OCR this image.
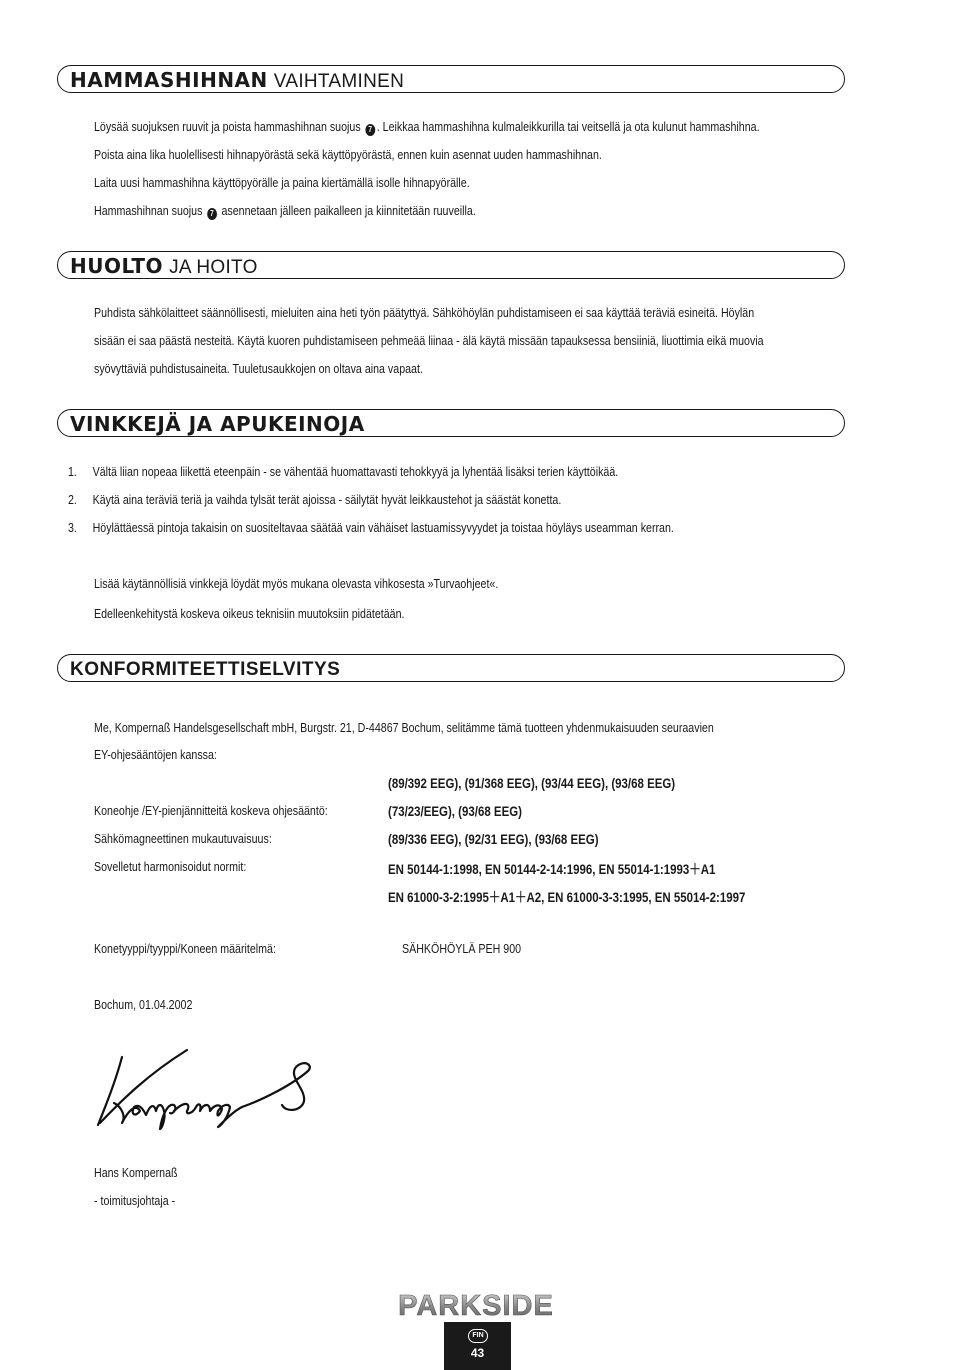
HAMMASHIHNAN VAIHTAMINEN
Löysää suojuksen ruuvit ja poista hammashihnan suojus 7 . Leikkaa hammashihna kulmaleikkurilla tai veitsellä ja ota kulunut hammashihna.
Poista aina lika huolellisesti hihnapyörästä sekä käyttöpyörästä, ennen kuin asennat uuden hammashihnan.
Laita uusi hammashihna käyttöpyörälle ja paina kiertämällä isolle hihnapyörälle.
Hammashihnan suojus 7 asennetaan jälleen paikalleen ja kiinnitetään ruuveilla.
HUOLTO JA HOITO
Puhdista sähkölaitteet säännöllisesti, mieluiten aina heti työn päätyttyä. Sähköhöylän puhdistamiseen ei saa käyttää teräviä esineitä. Höylän
sisään ei saa päästä nesteitä. Käytä kuoren puhdistamiseen pehmeää liinaa - älä käytä missään tapauksessa bensiiniä, liuottimia eikä muovia
syövyttäviä puhdistusaineita. Tuuletusaukkojen on oltava aina vapaat.
VINKKEJÄ JA APUKEINOJA
1. Vältä liian nopeaa liikettä eteenpäin - se vähentää huomattavasti tehokkyyä ja lyhentää lisäksi terien käyttöikää.
2. Käytä aina teräviä teriä ja vaihda tylsät terät ajoissa - säilytät hyvät leikkaustehot ja säästät konetta.
3. Höylättäessä pintoja takaisin on suositeltavaa säätää vain vähäiset lastuamissyvyydet ja toistaa höyläys useamman kerran.
Lisää käytännöllisiä vinkkejä löydät myös mukana olevasta vihkosesta »Turvaohjeet«.
Edelleenkehitystä koskeva oikeus teknisiin muutoksiin pidätetään.
KONFORMITEETTISELVITYS
Me, Kompernaß Handelsgesellschaft mbH, Burgstr. 21, D-44867 Bochum, selitämme tämä tuotteen yhdenmukaisuuden seuraavien
EY-ohjesääntöjen kanssa:
(89/392 EEG), (91/368 EEG), (93/44 EEG), (93/68 EEG)
Koneohje /EY-pienjännitteitä koskeva ohjesääntö:	(73/23/EEG), (93/68 EEG)
Sähkömagneettinen mukautuvaisuus:	(89/336 EEG), (92/31 EEG), (93/68 EEG)
Sovelletut harmonisoidut normit:	EN 50144-1:1998, EN 50144-2-14:1996, EN 55014-1:1993＋A1
EN 61000-3-2:1995＋A1＋A2, EN 61000-3-3:1995, EN 55014-2:1997
Konetyyppi/tyyppi/Koneen määritelmä:	SÄHKÖHÖYLÄ PEH 900
Bochum, 01.04.2002
Hans Kompernaß
- toimitusjohtaja -
PARKSIDE
FIN
43
